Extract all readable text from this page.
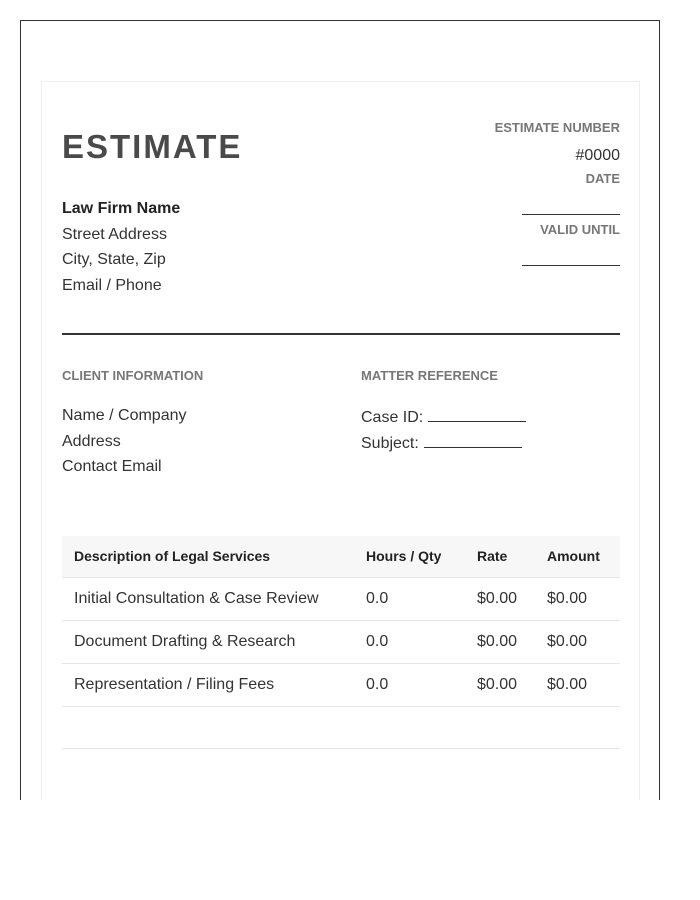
ESTIMATE
Law Firm Name
Street Address
City, State, Zip
Email / Phone
ESTIMATE NUMBER
#0000
DATE
VALID UNTIL
CLIENT INFORMATION
Name / Company
Address
Contact Email
MATTER REFERENCE
Case ID:
Subject:
Description of Legal Services	Hours / Qty	Rate	Amount
Initial Consultation & Case Review	0.0	$0.00 $0.00
Document Drafting & Research	0.0	$0.00 $0.00
Representation / Filing Fees	0.0	$0.00 $0.00
